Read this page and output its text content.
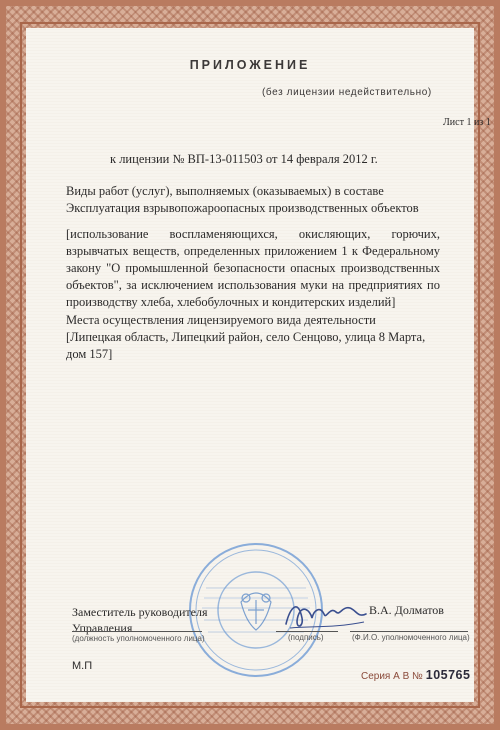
ПРИЛОЖЕНИЕ
(без лицензии недействительно)
Лист 1 из 1
к лицензии № ВП-13-011503 от 14 февраля 2012 г.
Виды работ (услуг), выполняемых (оказываемых) в составе Эксплуатация взрывопожароопасных производственных объектов
[использование воспламеняющихся, окисляющих, горючих, взрывчатых веществ, определенных приложением 1 к Федеральному закону "О промышленной безопасности опасных производственных объектов", за исключением использования муки на предприятиях по производству хлеба, хлебобулочных и кондитерских изделий]
Места осуществления лицензируемого вида деятельности
[Липецкая область, Липецкий район, село Сенцово, улица 8 Марта, дом 157]
Заместитель руководителя Управления
(должность уполномоченного лица)	(подпись)
В.А. Долматов
(Ф.И.О. уполномоченного лица)
М.П
Серия А В № 105765
